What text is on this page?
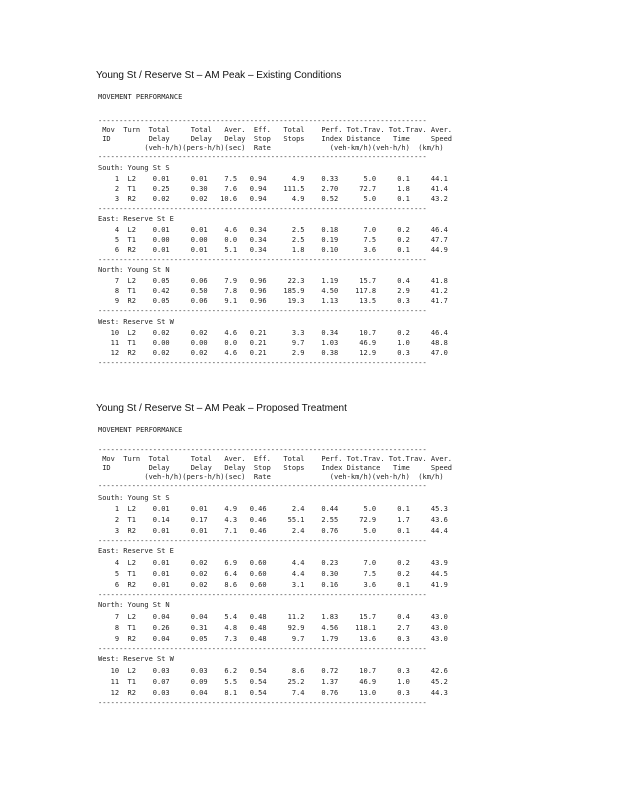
Young St / Reserve St – AM Peak – Existing Conditions
MOVEMENT PERFORMANCE
------------------------------------------------------------------------------
Mov  Turn  Total     Total   Aver.  Eff.   Total    Perf. Tot.Trav. Tot.Trav. Aver.
ID         Delay     Delay   Delay  Stop   Stops    Index Distance   Time     Speed
(veh-h/h)(pers-h/h)(sec)  Rate              (veh-km/h)(veh-h/h)  (km/h)
------------------------------------------------------------------------------
South: Young St S
1  L2    0.01     0.01    7.5   0.94      4.9    0.33      5.0     0.1     44.1
2  T1    0.25     0.30    7.6   0.94    111.5    2.70     72.7     1.8     41.4
3  R2    0.02     0.02   10.6   0.94      4.9    0.52      5.0     0.1     43.2
------------------------------------------------------------------------------
East: Reserve St E
4  L2    0.01     0.01    4.6   0.34      2.5    0.18      7.0     0.2     46.4
5  T1    0.00     0.00    0.0   0.34      2.5    0.19      7.5     0.2     47.7
6  R2    0.01     0.01    5.1   0.34      1.8    0.10      3.6     0.1     44.9
------------------------------------------------------------------------------
North: Young St N
7  L2    0.05     0.06    7.9   0.96     22.3    1.19     15.7     0.4     41.8
8  T1    0.42     0.50    7.8   0.96    185.9    4.50    117.8     2.9     41.2
9  R2    0.05     0.06    9.1   0.96     19.3    1.13     13.5     0.3     41.7
------------------------------------------------------------------------------
West: Reserve St W
10  L2    0.02     0.02    4.6   0.21      3.3    0.34     10.7     0.2     46.4
11  T1    0.00     0.00    0.0   0.21      9.7    1.03     46.9     1.0     48.8
12  R2    0.02     0.02    4.6   0.21      2.9    0.38     12.9     0.3     47.0
------------------------------------------------------------------------------
Young St / Reserve St – AM Peak – Proposed Treatment
MOVEMENT PERFORMANCE
------------------------------------------------------------------------------
Mov  Turn  Total     Total   Aver.  Eff.   Total    Perf. Tot.Trav. Tot.Trav. Aver.
ID         Delay     Delay   Delay  Stop   Stops    Index Distance   Time     Speed
(veh-h/h)(pers-h/h)(sec)  Rate              (veh-km/h)(veh-h/h)  (km/h)
------------------------------------------------------------------------------
South: Young St S
1  L2    0.01     0.01    4.9   0.46      2.4    0.44      5.0     0.1     45.3
2  T1    0.14     0.17    4.3   0.46     55.1    2.55     72.9     1.7     43.6
3  R2    0.01     0.01    7.1   0.46      2.4    0.76      5.0     0.1     44.4
------------------------------------------------------------------------------
East: Reserve St E
4  L2    0.01     0.02    6.9   0.60      4.4    0.23      7.0     0.2     43.9
5  T1    0.01     0.02    6.4   0.60      4.4    0.30      7.5     0.2     44.5
6  R2    0.01     0.02    8.6   0.60      3.1    0.16      3.6     0.1     41.9
------------------------------------------------------------------------------
North: Young St N
7  L2    0.04     0.04    5.4   0.48     11.2    1.83     15.7     0.4     43.0
8  T1    0.26     0.31    4.8   0.48     92.9    4.56    118.1     2.7     43.0
9  R2    0.04     0.05    7.3   0.48      9.7    1.79     13.6     0.3     43.0
------------------------------------------------------------------------------
West: Reserve St W
10  L2    0.03     0.03    6.2   0.54      8.6    0.72     10.7     0.3     42.6
11  T1    0.07     0.09    5.5   0.54     25.2    1.37     46.9     1.0     45.2
12  R2    0.03     0.04    8.1   0.54      7.4    0.76     13.0     0.3     44.3
------------------------------------------------------------------------------
